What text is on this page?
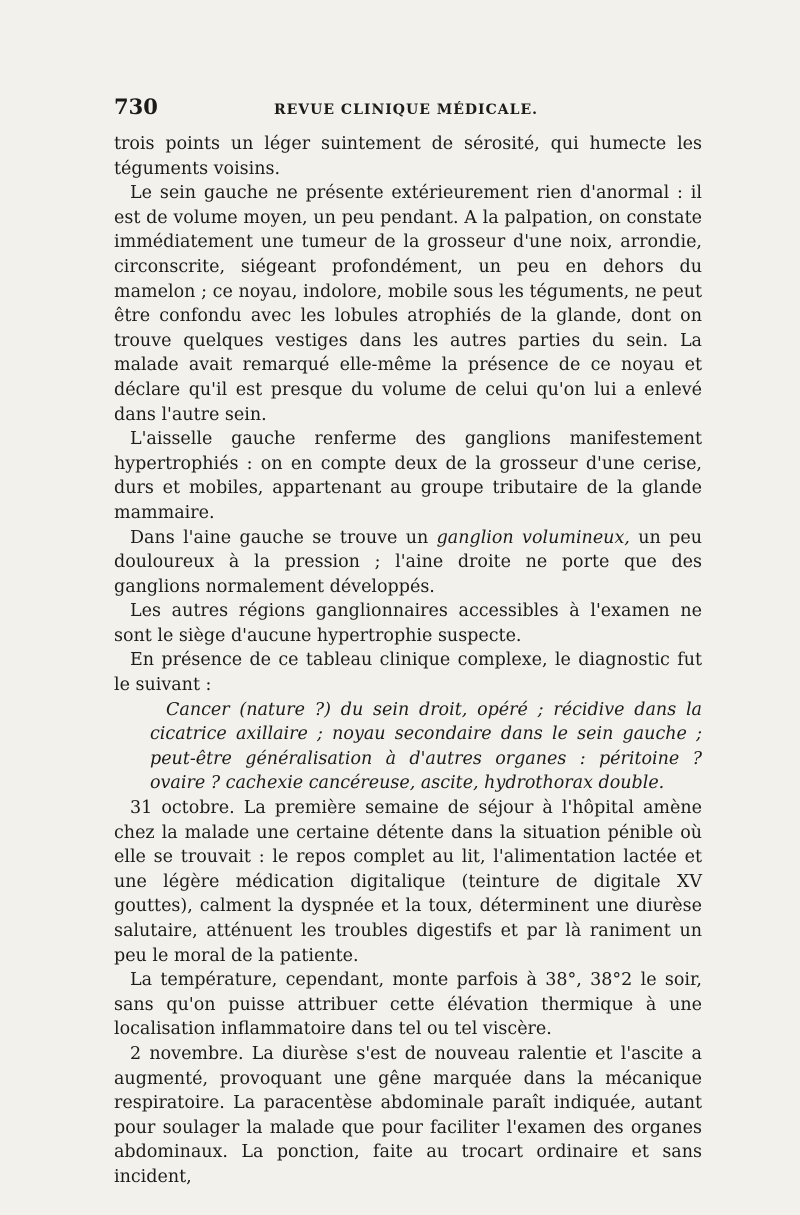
730	REVUE CLINIQUE MÉDICALE.

trois points un léger suintement de sérosité, qui humecte les téguments voisins.

Le sein gauche ne présente extérieurement rien d'anormal : il est de volume moyen, un peu pendant. A la palpation, on constate immédiatement une tumeur de la grosseur d'une noix, arrondie, circonscrite, siégeant profondément, un peu en dehors du mamelon ; ce noyau, indolore, mobile sous les téguments, ne peut être confondu avec les lobules atrophiés de la glande, dont on trouve quelques vestiges dans les autres parties du sein. La malade avait remarqué elle-même la présence de ce noyau et déclare qu'il est presque du volume de celui qu'on lui a enlevé dans l'autre sein.

L'aisselle gauche renferme des ganglions manifestement hypertrophiés : on en compte deux de la grosseur d'une cerise, durs et mobiles, appartenant au groupe tributaire de la glande mammaire.

Dans l'aine gauche se trouve un ganglion volumineux, un peu douloureux à la pression ; l'aine droite ne porte que des ganglions normalement développés.

Les autres régions ganglionnaires accessibles à l'examen ne sont le siège d'aucune hypertrophie suspecte.

En présence de ce tableau clinique complexe, le diagnostic fut le suivant :

Cancer (nature ?) du sein droit, opéré ; récidive dans la cicatrice axillaire ; noyau secondaire dans le sein gauche ; peut-être généralisation à d'autres organes : péritoine ? ovaire ? cachexie cancéreuse, ascite, hydrothorax double.

31 octobre. La première semaine de séjour à l'hôpital amène chez la malade une certaine détente dans la situation pénible où elle se trouvait : le repos complet au lit, l'alimentation lactée et une légère médication digitalique (teinture de digitale XV gouttes), calment la dyspnée et la toux, déterminent une diurèse salutaire, atténuent les troubles digestifs et par là raniment un peu le moral de la patiente.

La température, cependant, monte parfois à 38°, 38°2 le soir, sans qu'on puisse attribuer cette élévation thermique à une localisation inflammatoire dans tel ou tel viscère.

2 novembre. La diurèse s'est de nouveau ralentie et l'ascite a augmenté, provoquant une gêne marquée dans la mécanique respiratoire. La paracentèse abdominale paraît indiquée, autant pour soulager la malade que pour faciliter l'examen des organes abdominaux. La ponction, faite au trocart ordinaire et sans incident,
